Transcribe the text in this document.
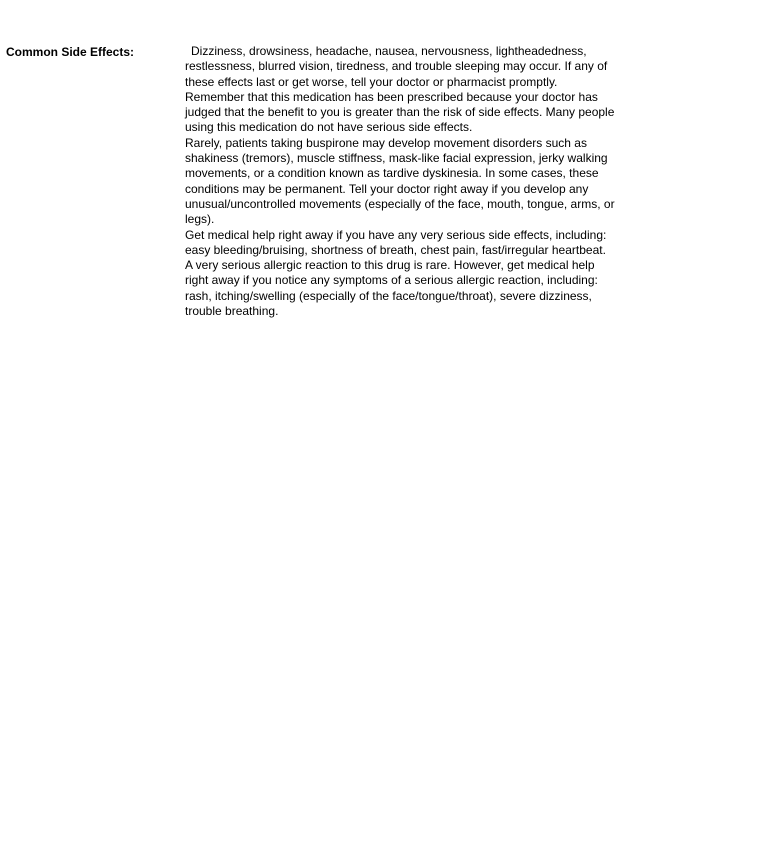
Common Side Effects:	Dizziness, drowsiness, headache, nausea, nervousness, lightheadedness, restlessness, blurred vision, tiredness, and trouble sleeping may occur. If any of these effects last or get worse, tell your doctor or pharmacist promptly.

Remember that this medication has been prescribed because your doctor has judged that the benefit to you is greater than the risk of side effects. Many people using this medication do not have serious side effects.

Rarely, patients taking buspirone may develop movement disorders such as shakiness (tremors), muscle stiffness, mask-like facial expression, jerky walking movements, or a condition known as tardive dyskinesia. In some cases, these conditions may be permanent. Tell your doctor right away if you develop any unusual/uncontrolled movements (especially of the face, mouth, tongue, arms, or legs).

Get medical help right away if you have any very serious side effects, including: easy bleeding/bruising, shortness of breath, chest pain, fast/irregular heartbeat.

A very serious allergic reaction to this drug is rare. However, get medical help right away if you notice any symptoms of a serious allergic reaction, including: rash, itching/swelling (especially of the face/tongue/throat), severe dizziness, trouble breathing.
